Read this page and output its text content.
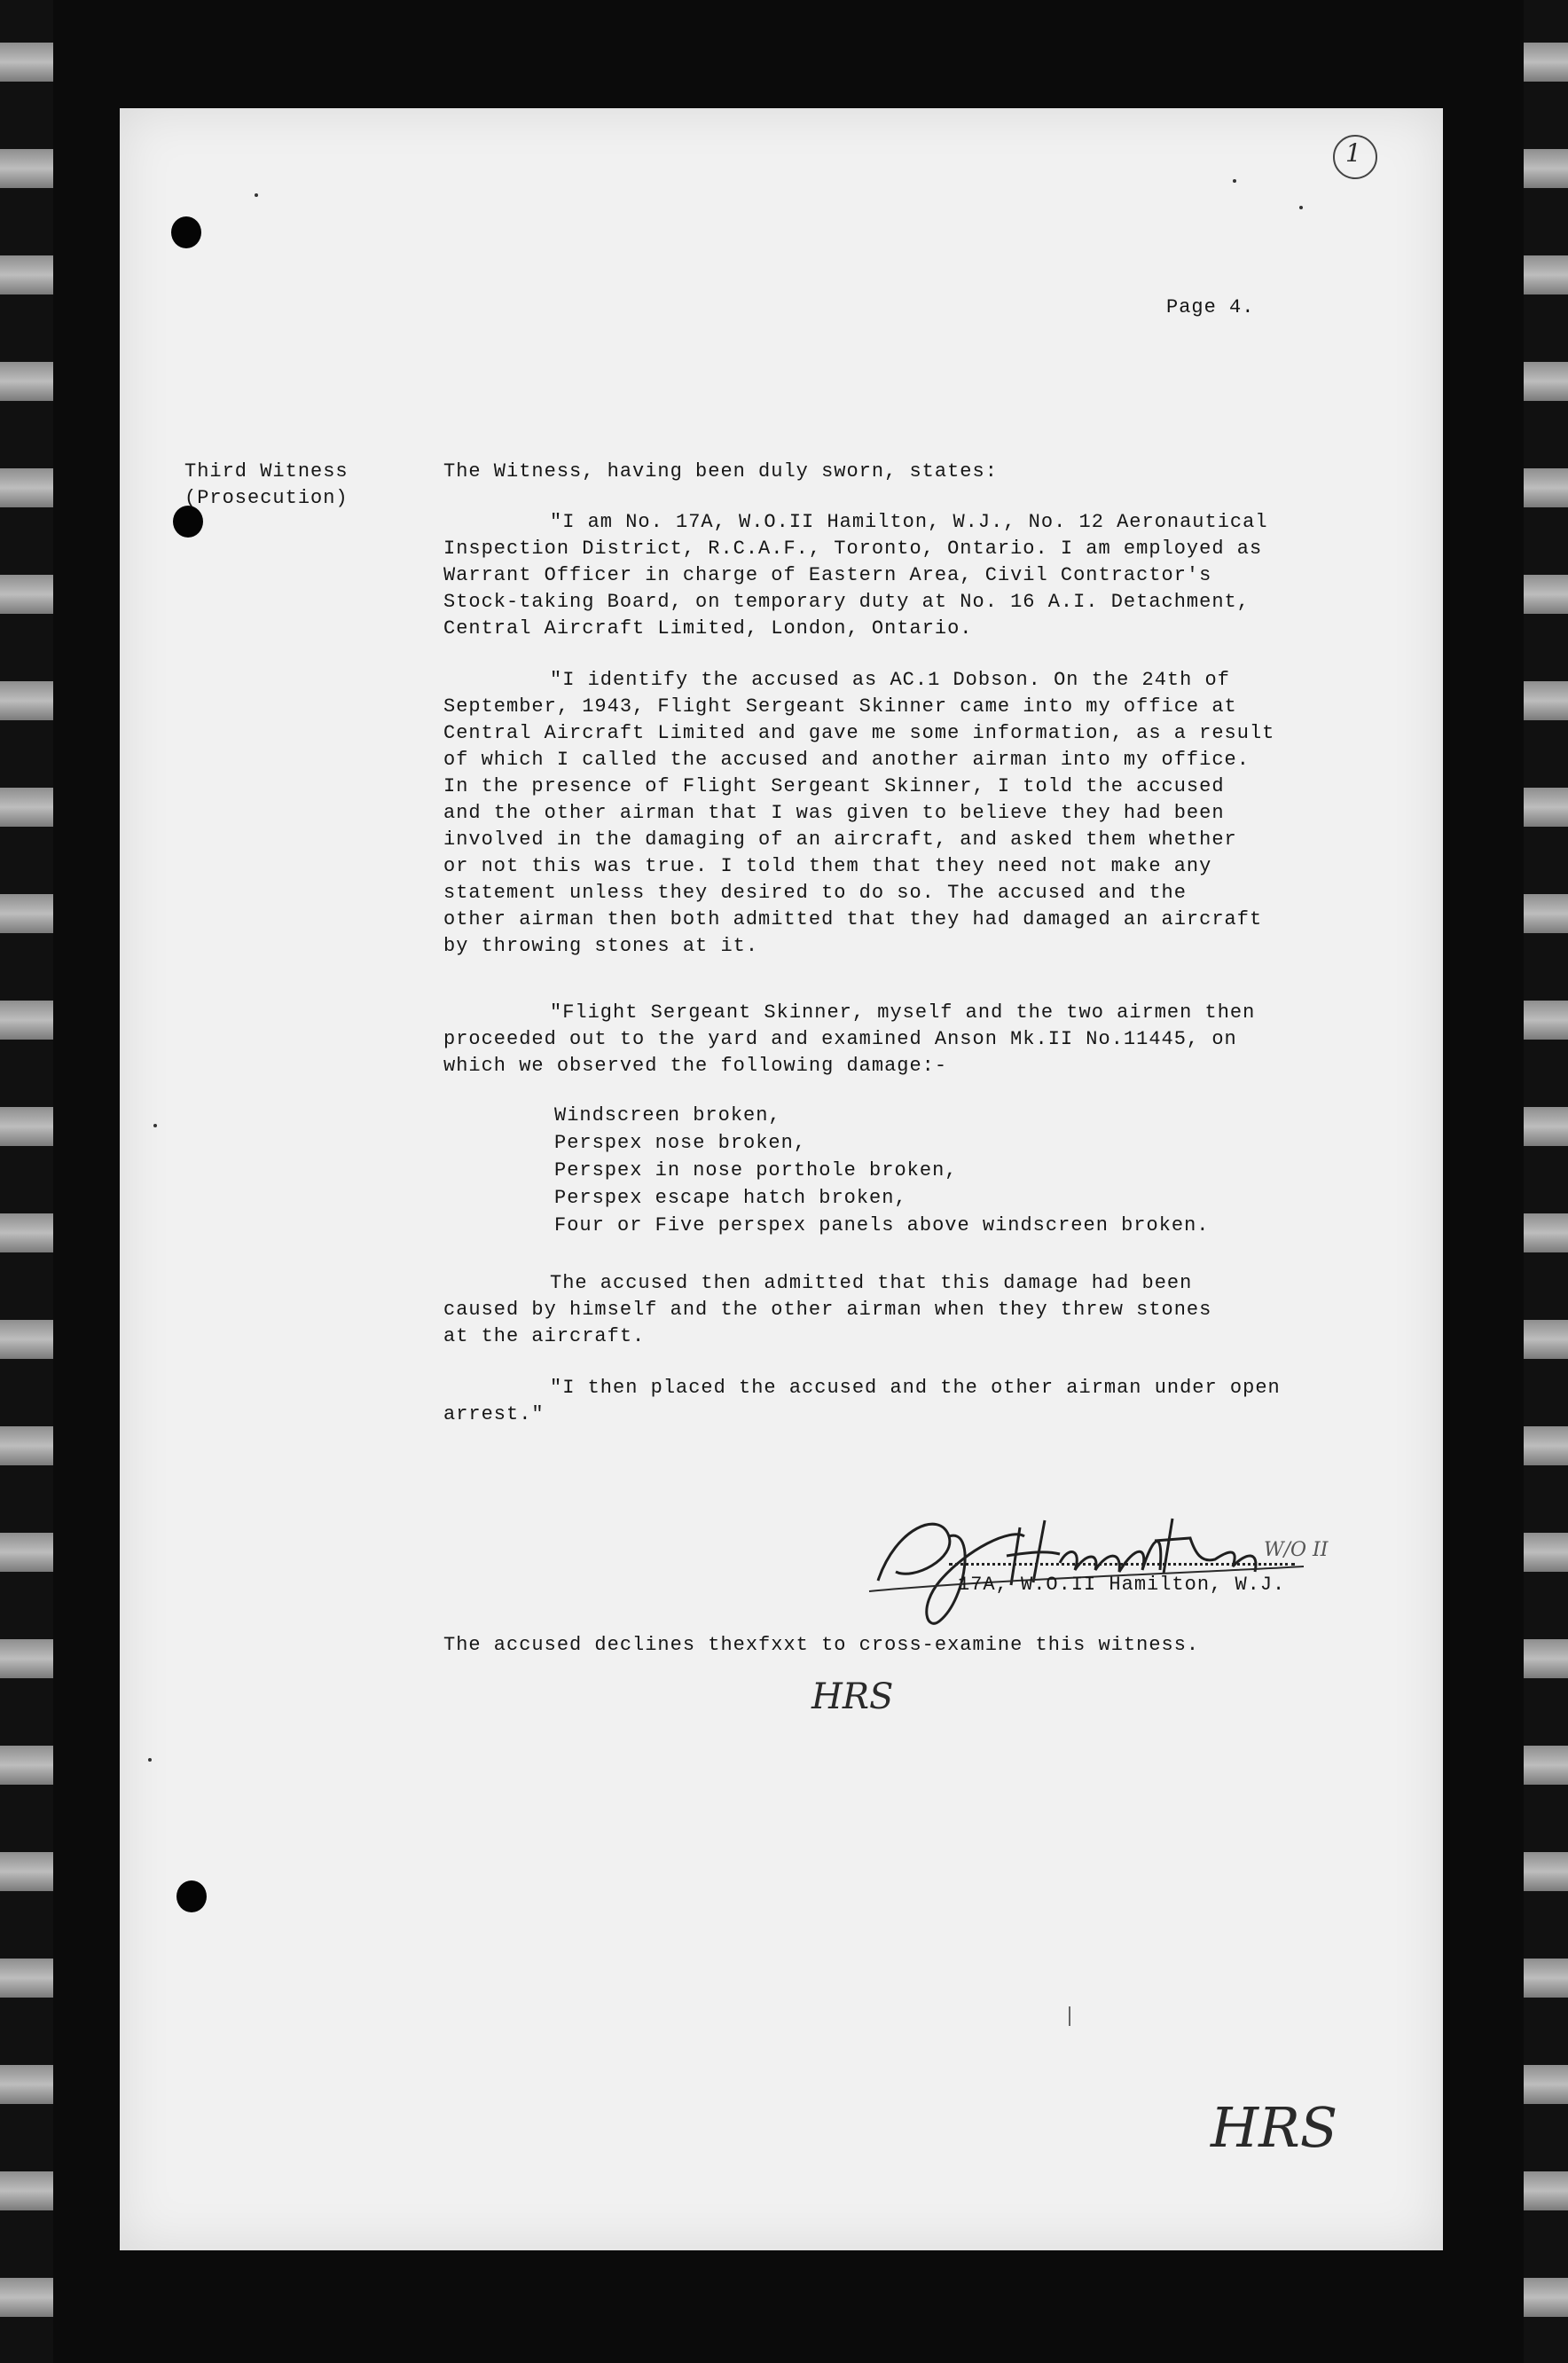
1
Page 4.
Third Witness
(Prosecution)
The Witness, having been duly sworn, states:
"I am No. 17A, W.O.II Hamilton, W.J., No. 12 Aeronautical
Inspection District, R.C.A.F., Toronto, Ontario. I am employed as
Warrant Officer in charge of Eastern Area, Civil Contractor's
Stock-taking Board, on temporary duty at No. 16 A.I. Detachment,
Central Aircraft Limited, London, Ontario.
"I identify the accused as AC.1 Dobson. On the 24th of
September, 1943, Flight Sergeant Skinner came into my office at
Central Aircraft Limited and gave me some information, as a result
of which I called the accused and another airman into my office.
In the presence of Flight Sergeant Skinner, I told the accused
and the other airman that I was given to believe they had been
involved in the damaging of an aircraft, and asked them whether
or not this was true. I told them that they need not make any
statement unless they desired to do so. The accused and the
other airman then both admitted that they had damaged an aircraft
by throwing stones at it.
"Flight Sergeant Skinner, myself and the two airmen then
proceeded out to the yard and examined Anson Mk.II No.11445, on
which we observed the following damage:-
Windscreen broken,
Perspex nose broken,
Perspex in nose porthole broken,
Perspex escape hatch broken,
Four or Five perspex panels above windscreen broken.
The accused then admitted that this damage had been
caused by himself and the other airman when they threw stones
at the aircraft.
"I then placed the accused and the other airman under open
arrest."
W/O II
17A, W.O.II Hamilton, W.J.
The accused declines thexfxxt to cross-examine this witness.
HRS
HRS
